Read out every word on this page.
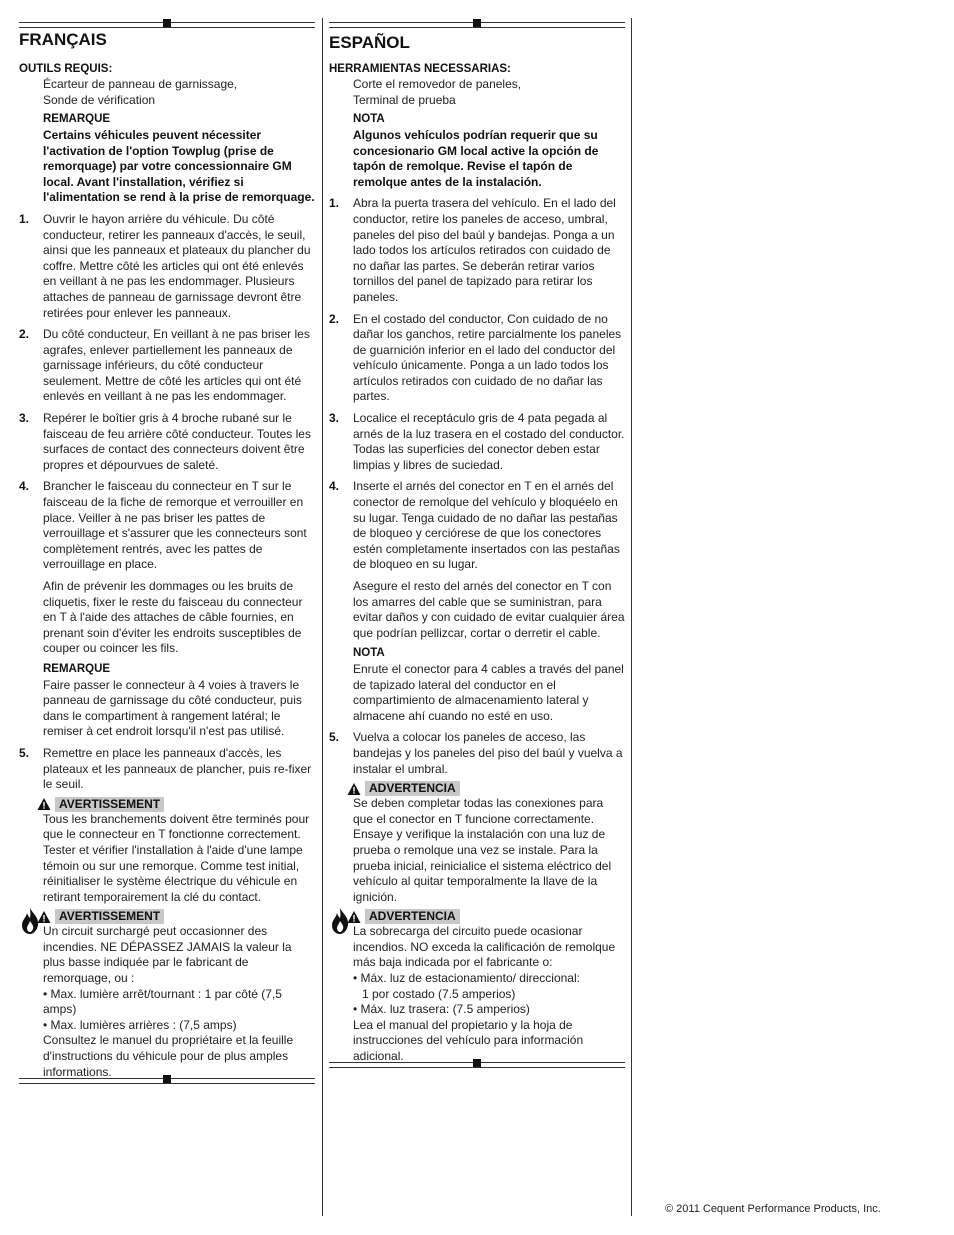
FRANÇAIS
OUTILS REQUIS:
Écarteur de panneau de garnissage,
Sonde de vérification
REMARQUE
Certains véhicules peuvent nécessiter l'activation de l'option Towplug (prise de remorquage) par votre concessionnaire GM local. Avant l'installation, vérifiez si l'alimentation se rend à la prise de remorquage.
1. Ouvrir le hayon arrière du véhicule. Du côté conducteur, retirer les panneaux d'accès, le seuil, ainsi que les panneaux et plateaux du plancher du coffre. Mettre côté les articles qui ont été enlevés en veillant à ne pas les endommager. Plusieurs attaches de panneau de garnissage devront être retirées pour enlever les panneaux.
2. Du côté conducteur, En veillant à ne pas briser les agrafes, enlever partiellement les panneaux de garnissage inférieurs, du côté conducteur seulement. Mettre de côté les articles qui ont été enlevés en veillant à ne pas les endommager.
3. Repérer le boîtier gris à 4 broche rubané sur le faisceau de feu arrière côté conducteur. Toutes les surfaces de contact des connecteurs doivent être propres et dépourvues de saleté.
4. Brancher le faisceau du connecteur en T sur le faisceau de la fiche de remorque et verrouiller en place. Veiller à ne pas briser les pattes de verrouillage et s'assurer que les connecteurs sont complètement rentrés, avec les pattes de verrouillage en place.
Afin de prévenir les dommages ou les bruits de cliquetis, fixer le reste du faisceau du connecteur en T à l'aide des attaches de câble fournies, en prenant soin d'éviter les endroits susceptibles de couper ou coincer les fils.
REMARQUE
Faire passer le connecteur à 4 voies à travers le panneau de garnissage du côté conducteur, puis dans le compartiment à rangement latéral; le remiser à cet endroit lorsqu'il n'est pas utilisé.
5. Remettre en place les panneaux d'accès, les plateaux et les panneaux de plancher, puis re-fixer le seuil.
AVERTISSEMENT
Tous les branchements doivent être terminés pour que le connecteur en T fonctionne correctement. Tester et vérifier l'installation à l'aide d'une lampe témoin ou sur une remorque. Comme test initial, réinitialiser le système électrique du véhicule en retirant temporairement la clé du contact.
AVERTISSEMENT
Un circuit surchargé peut occasionner des incendies. NE DÉPASSEZ JAMAIS la valeur la plus basse indiquée par le fabricant de remorquage, ou :
• Max. lumière arrêt/tournant : 1 par côté (7,5 amps)
• Max. lumières arrières : (7,5 amps)
Consultez le manuel du propriétaire et la feuille d'instructions du véhicule pour de plus amples informations.
ESPAÑOL
HERRAMIENTAS NECESSARIAS:
Corte el removedor de paneles,
Terminal de prueba
NOTA
Algunos vehículos podrían requerir que su concesionario GM local active la opción de tapón de remolque. Revise el tapón de remolque antes de la instalación.
1. Abra la puerta trasera del vehículo. En el lado del conductor, retire los paneles de acceso, umbral, paneles del piso del baúl y bandejas. Ponga a un lado todos los artículos retirados con cuidado de no dañar las partes. Se deberán retirar varios tornillos del panel de tapizado para retirar los paneles.
2. En el costado del conductor, Con cuidado de no dañar los ganchos, retire parcialmente los paneles de guarnición inferior en el lado del conductor del vehículo únicamente. Ponga a un lado todos los artículos retirados con cuidado de no dañar las partes.
3. Localice el receptáculo gris de 4 pata pegada al arnés de la luz trasera en el costado del conductor. Todas las superficies del conector deben estar limpias y libres de suciedad.
4. Inserte el arnés del conector en T en el arnés del conector de remolque del vehículo y bloquéelo en su lugar. Tenga cuidado de no dañar las pestañas de bloqueo y cerciórese de que los conectores estén completamente insertados con las pestañas de bloqueo en su lugar.
Asegure el resto del arnés del conector en T con los amarres del cable que se suministran, para evitar daños y con cuidado de evitar cualquier área que podrían pellizcar, cortar o derretir el cable.
NOTA
Enrute el conector para 4 cables a través del panel de tapizado lateral del conductor en el compartimiento de almacenamiento lateral y almacene ahí cuando no esté en uso.
5. Vuelva a colocar los paneles de acceso, las bandejas y los paneles del piso del baúl y vuelva a instalar el umbral.
ADVERTENCIA
Se deben completar todas las conexiones para que el conector en T funcione correctamente. Ensaye y verifique la instalación con una luz de prueba o remolque una vez se instale. Para la prueba inicial, reinicialice el sistema eléctrico del vehículo al quitar temporalmente la llave de la ignición.
ADVERTENCIA
La sobrecarga del circuito puede ocasionar incendios. NO exceda la calificación de remolque más baja indicada por el fabricante o:
• Máx. luz de estacionamiento/ direccional:
1 por costado (7.5 amperios)
• Máx. luz trasera: (7.5 amperios)
Lea el manual del propietario y la hoja de instrucciones del vehículo para información adicional.
© 2011 Cequent Performance Products, Inc.
